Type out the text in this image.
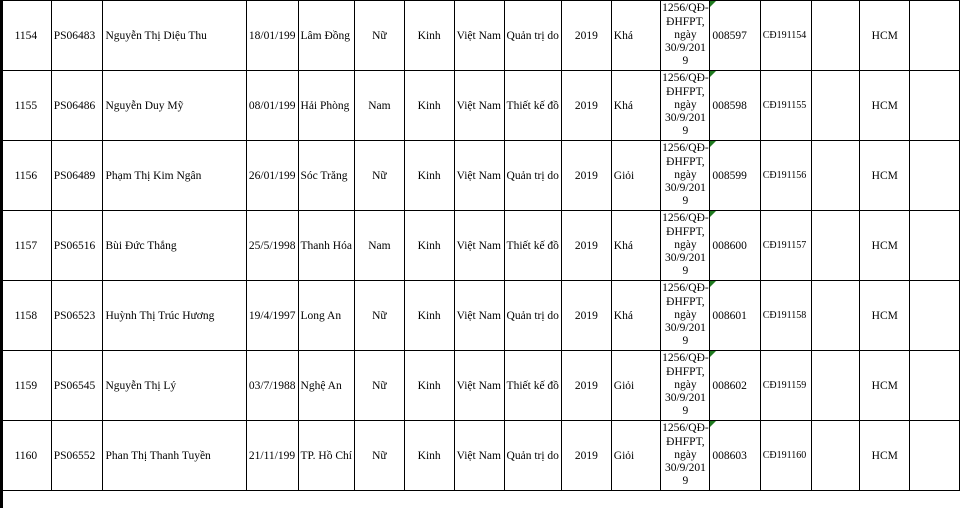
1154	PS06483	Nguyễn Thị Diệu Thu	18/01/199	Lâm Đồng	Nữ	Kinh	Việt Nam	Quản trị do	2019	Khá	1256/QĐ-
ĐHFPT,
ngày
30/9/201
9	008597	CĐ191154		HCM	
1155	PS06486	Nguyễn Duy Mỹ	08/01/199	Hải Phòng	Nam	Kinh	Việt Nam	Thiết kế đồ	2019	Khá	1256/QĐ-
ĐHFPT,
ngày
30/9/201
9	008598	CĐ191155		HCM	
1156	PS06489	Phạm Thị Kim Ngân	26/01/199	Sóc Trăng	Nữ	Kinh	Việt Nam	Quản trị do	2019	Giỏi	1256/QĐ-
ĐHFPT,
ngày
30/9/201
9	008599	CĐ191156		HCM	
1157	PS06516	Bùi Đức Thắng	25/5/1998	Thanh Hóa	Nam	Kinh	Việt Nam	Thiết kế đồ	2019	Khá	1256/QĐ-
ĐHFPT,
ngày
30/9/201
9	008600	CĐ191157		HCM	
1158	PS06523	Huỳnh Thị Trúc Hương	19/4/1997	Long An	Nữ	Kinh	Việt Nam	Quản trị do	2019	Khá	1256/QĐ-
ĐHFPT,
ngày
30/9/201
9	008601	CĐ191158		HCM	
1159	PS06545	Nguyễn Thị Lý	03/7/1988	Nghệ An	Nữ	Kinh	Việt Nam	Thiết kế đồ	2019	Giỏi	1256/QĐ-
ĐHFPT,
ngày
30/9/201
9	008602	CĐ191159		HCM	
1160	PS06552	Phan Thị Thanh Tuyền	21/11/199	TP. Hồ Chí	Nữ	Kinh	Việt Nam	Quản trị do	2019	Giỏi	1256/QĐ-
ĐHFPT,
ngày
30/9/201
9	008603	CĐ191160		HCM	
